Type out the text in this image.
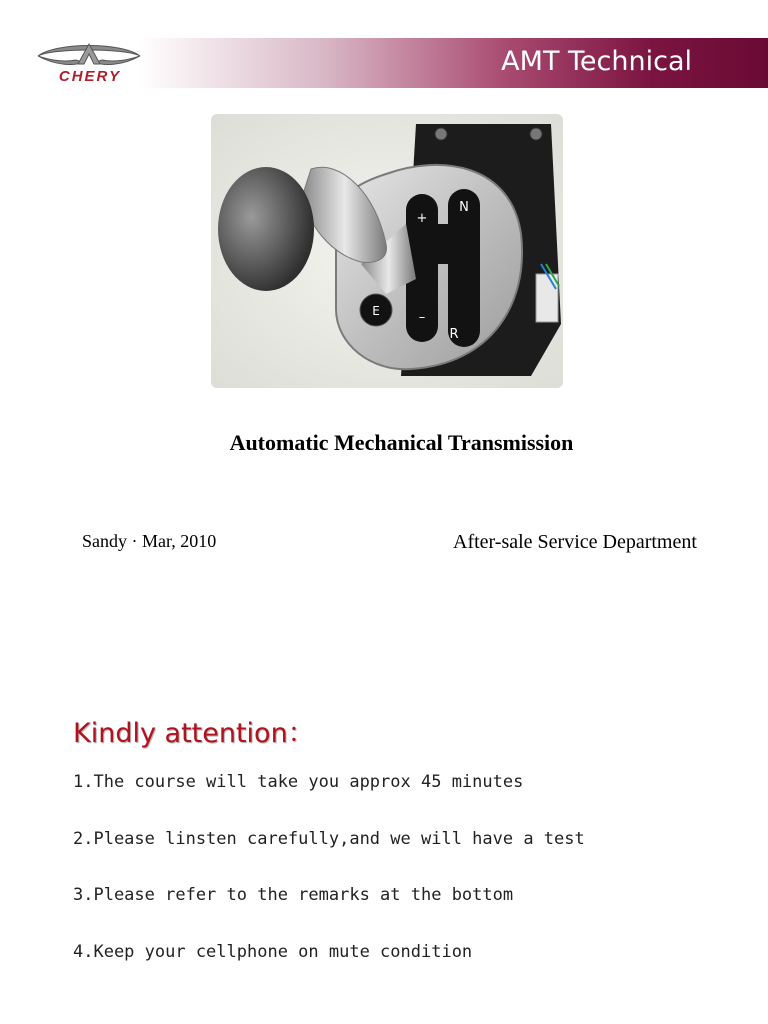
CHERY	AMT Technical
+
N
E	–
R
Automatic Mechanical Transmission
Sandy · Mar, 2010	After-sale Service Department
Kindly attention：
1.The course will take you approx 45 minutes
2.Please linsten carefully,and we will have a test
3.Please refer to the remarks at the bottom
4.Keep your cellphone on mute condition
